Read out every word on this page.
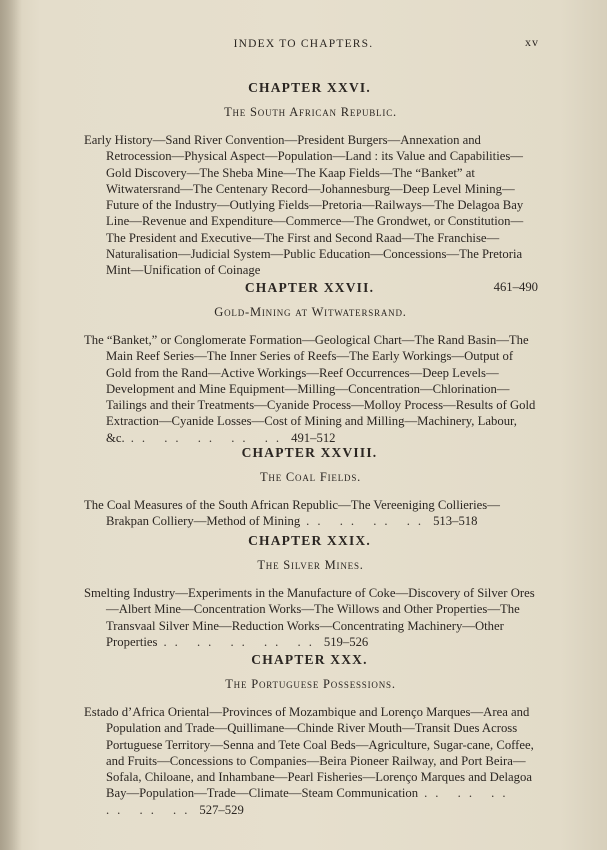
INDEX TO CHAPTERS.	xv
CHAPTER XXVI.
The South African Republic.

Early History—Sand River Convention—President Burgers—Annexation and Retrocession—Physical Aspect—Population—Land : its Value and Capabilities—Gold Discovery—The Sheba Mine—The Kaap Fields—The “Banket” at Witwatersrand—The Centenary Record—Johannesburg—Deep Level Mining—Future of the Industry—Outlying Fields—Pretoria—Railways—The Delagoa Bay Line—Revenue and Expenditure—Commerce—The Grondwet, or Constitution—The President and Executive—The First and Second Raad—The Franchise—Naturalisation—Judicial System—Public Education—Concessions—The Pretoria Mint—Unification of Coinage

461–490

CHAPTER XXVII.
Gold-Mining at Witwatersrand.

The “Banket,” or Conglomerate Formation—Geological Chart—The Rand Basin—The Main Reef Series—The Inner Series of Reefs—The Early Workings—Output of Gold from the Rand—Active Workings—Reef Occurrences—Deep Levels—Development and Mine Equipment—Milling—Concentration—Chlorination—Tailings and their Treatments—Cyanide Process—Molloy Process—Results of Gold Extraction—Cyanide Losses—Cost of Mining and Milling—Machinery, Labour, &c. .. .. .. .. .. 491–512

CHAPTER XXVIII.
The Coal Fields.

The Coal Measures of the South African Republic—The Vereeniging Collieries—Brakpan Colliery—Method of Mining .. .. .. .. 513–518

CHAPTER XXIX.
The Silver Mines.

Smelting Industry—Experiments in the Manufacture of Coke—Discovery of Silver Ores—Albert Mine—Concentration Works—The Willows and Other Properties—The Transvaal Silver Mine—Reduction Works—Concentrating Machinery—Other Properties .. .. .. .. .. 519–526

CHAPTER XXX.
The Portuguese Possessions.

Estado d’Africa Oriental—Provinces of Mozambique and Lorenço Marques—Area and Population and Trade—Quillimane—Chinde River Mouth—Transit Dues Across Portuguese Territory—Senna and Tete Coal Beds—Agriculture, Sugar-cane, Coffee, and Fruits—Concessions to Companies—Beira Pioneer Railway, and Port Beira—Sofala, Chiloane, and Inhambane—Pearl Fisheries—Lorenço Marques and Delagoa Bay—Population—Trade—Climate—Steam Communication .. .. .. .. .. .. 527–529
